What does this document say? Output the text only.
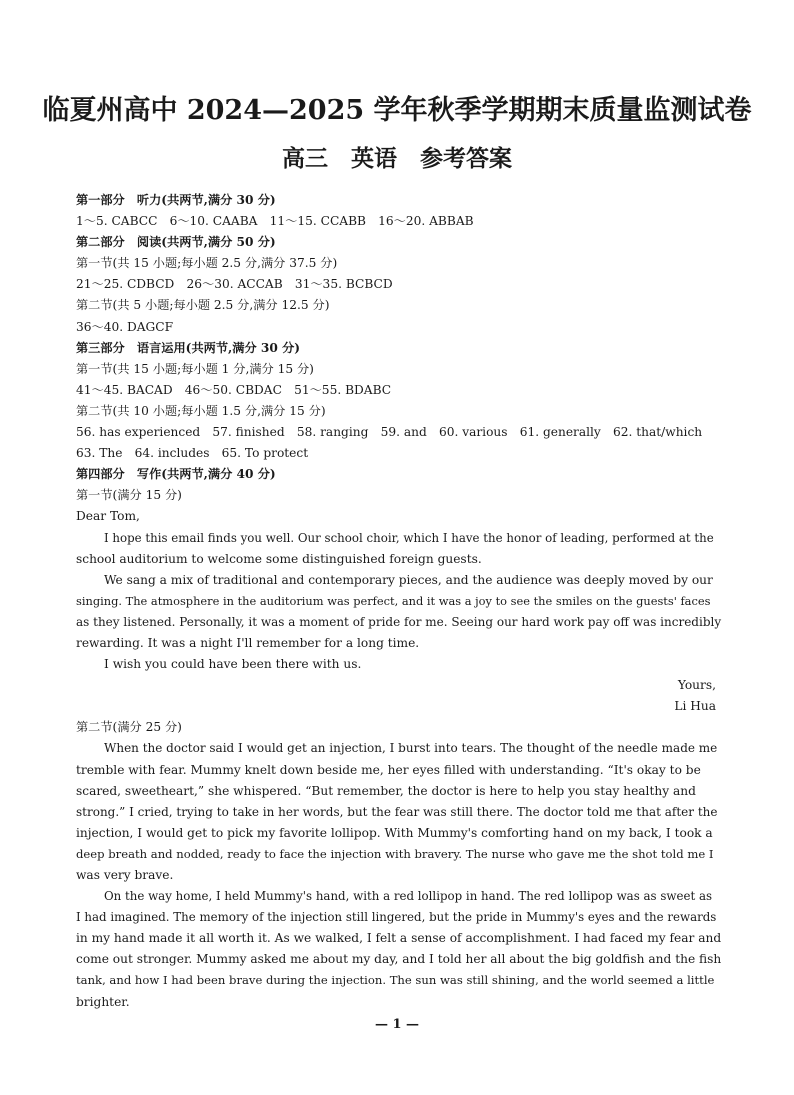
临夏州高中 2024—2025 学年秋季学期期末质量监测试卷
高三　英语　参考答案
第一部分　听力(共两节,满分 30 分)
1～5. CABCC　6～10. CAABA　11～15. CCABB　16～20. ABBAB
第二部分　阅读(共两节,满分 50 分)
第一节(共 15 小题;每小题 2.5 分,满分 37.5 分)
21～25. CDBCD　26～30. ACCAB　31～35. BCBCD
第二节(共 5 小题;每小题 2.5 分,满分 12.5 分)
36～40. DAGCF
第三部分　语言运用(共两节,满分 30 分)
第一节(共 15 小题;每小题 1 分,满分 15 分)
41～45. BACAD　46～50. CBDAC　51～55. BDABC
第二节(共 10 小题;每小题 1.5 分,满分 15 分)
56. has experienced　57. finished　58. ranging　59. and　60. various　61. generally　62. that/which
63. The　64. includes　65. To protect
第四部分　写作(共两节,满分 40 分)
第一节(满分 15 分)
Dear Tom,
I hope this email finds you well. Our school choir, which I have the honor of leading, performed at the
school auditorium to welcome some distinguished foreign guests.
We sang a mix of traditional and contemporary pieces, and the audience was deeply moved by our
singing. The atmosphere in the auditorium was perfect, and it was a joy to see the smiles on the guests' faces
as they listened. Personally, it was a moment of pride for me. Seeing our hard work pay off was incredibly
rewarding. It was a night I'll remember for a long time.
I wish you could have been there with us.
Yours,
Li Hua
第二节(满分 25 分)
When the doctor said I would get an injection, I burst into tears. The thought of the needle made me
tremble with fear. Mummy knelt down beside me, her eyes filled with understanding. “It's okay to be
scared, sweetheart,” she whispered. “But remember, the doctor is here to help you stay healthy and
strong.” I cried, trying to take in her words, but the fear was still there. The doctor told me that after the
injection, I would get to pick my favorite lollipop. With Mummy's comforting hand on my back, I took a
deep breath and nodded, ready to face the injection with bravery. The nurse who gave me the shot told me I
was very brave.
On the way home, I held Mummy's hand, with a red lollipop in hand. The red lollipop was as sweet as
I had imagined. The memory of the injection still lingered, but the pride in Mummy's eyes and the rewards
in my hand made it all worth it. As we walked, I felt a sense of accomplishment. I had faced my fear and
come out stronger. Mummy asked me about my day, and I told her all about the big goldfish and the fish
tank, and how I had been brave during the injection. The sun was still shining, and the world seemed a little
brighter.
— 1 —
